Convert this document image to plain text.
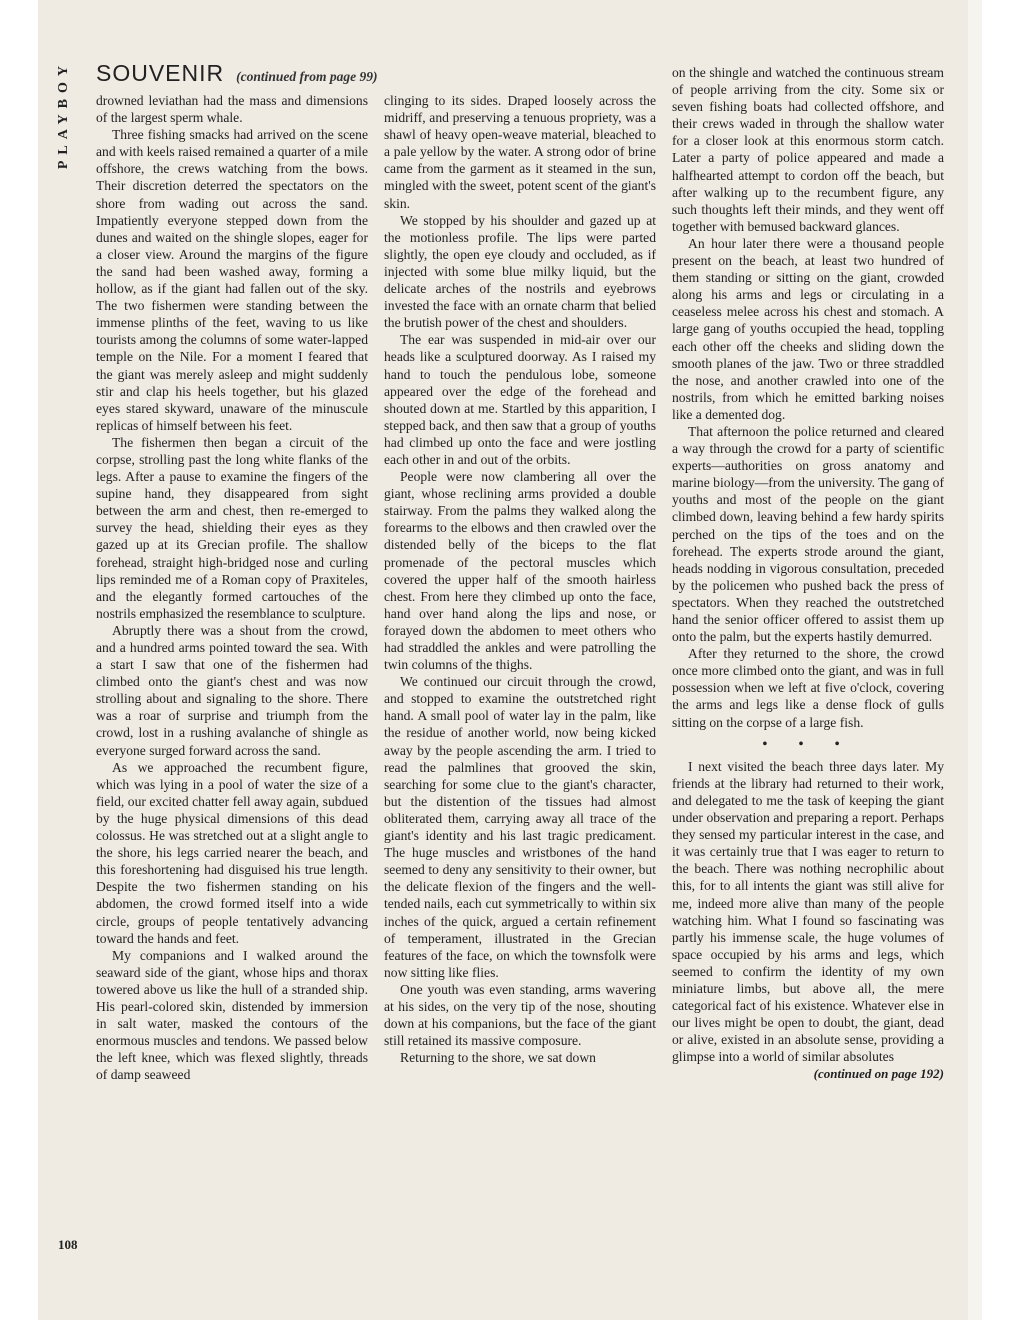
PLAYBOY SOUVENIR (continued from page 99)

drowned leviathan had the mass and dimensions of the largest sperm whale.

Three fishing smacks had arrived on the scene and with keels raised remained a quarter of a mile offshore, the crews watching from the bows. Their discretion deterred the spectators on the shore from wading out across the sand. Impatiently everyone stepped down from the dunes and waited on the shingle slopes, eager for a closer view. Around the margins of the figure the sand had been washed away, forming a hollow, as if the giant had fallen out of the sky. The two fishermen were standing between the immense plinths of the feet, waving to us like tourists among the columns of some water-lapped temple on the Nile. For a moment I feared that the giant was merely asleep and might suddenly stir and clap his heels together, but his glazed eyes stared skyward, unaware of the minuscule replicas of himself between his feet.

The fishermen then began a circuit of the corpse, strolling past the long white flanks of the legs. After a pause to examine the fingers of the supine hand, they disappeared from sight between the arm and chest, then re-emerged to survey the head, shielding their eyes as they gazed up at its Grecian profile. The shallow forehead, straight high-bridged nose and curling lips reminded me of a Roman copy of Praxiteles, and the elegantly formed cartouches of the nostrils emphasized the resemblance to sculpture.

Abruptly there was a shout from the crowd, and a hundred arms pointed toward the sea. With a start I saw that one of the fishermen had climbed onto the giant's chest and was now strolling about and signaling to the shore. There was a roar of surprise and triumph from the crowd, lost in a rushing avalanche of shingle as everyone surged forward across the sand.

As we approached the recumbent figure, which was lying in a pool of water the size of a field, our excited chatter fell away again, subdued by the huge physical dimensions of this dead colossus. He was stretched out at a slight angle to the shore, his legs carried nearer the beach, and this foreshortening had disguised his true length. Despite the two fishermen standing on his abdomen, the crowd formed itself into a wide circle, groups of people tentatively advancing toward the hands and feet.

My companions and I walked around the seaward side of the giant, whose hips and thorax towered above us like the hull of a stranded ship. His pearl-colored skin, distended by immersion in salt water, masked the contours of the enormous muscles and tendons. We passed below the left knee, which was flexed slightly, threads of damp seaweed

clinging to its sides. Draped loosely across the midriff, and preserving a tenuous propriety, was a shawl of heavy open-weave material, bleached to a pale yellow by the water. A strong odor of brine came from the garment as it steamed in the sun, mingled with the sweet, potent scent of the giant's skin.

We stopped by his shoulder and gazed up at the motionless profile. The lips were parted slightly, the open eye cloudy and occluded, as if injected with some blue milky liquid, but the delicate arches of the nostrils and eyebrows invested the face with an ornate charm that belied the brutish power of the chest and shoulders.

The ear was suspended in mid-air over our heads like a sculptured doorway. As I raised my hand to touch the pendulous lobe, someone appeared over the edge of the forehead and shouted down at me. Startled by this apparition, I stepped back, and then saw that a group of youths had climbed up onto the face and were jostling each other in and out of the orbits.

People were now clambering all over the giant, whose reclining arms provided a double stairway. From the palms they walked along the forearms to the elbows and then crawled over the distended belly of the biceps to the flat promenade of the pectoral muscles which covered the upper half of the smooth hairless chest. From here they climbed up onto the face, hand over hand along the lips and nose, or forayed down the abdomen to meet others who had straddled the ankles and were patrolling the twin columns of the thighs.

We continued our circuit through the crowd, and stopped to examine the outstretched right hand. A small pool of water lay in the palm, like the residue of another world, now being kicked away by the people ascending the arm. I tried to read the palmlines that grooved the skin, searching for some clue to the giant's character, but the distention of the tissues had almost obliterated them, carrying away all trace of the giant's identity and his last tragic predicament. The huge muscles and wristbones of the hand seemed to deny any sensitivity to their owner, but the delicate flexion of the fingers and the well-tended nails, each cut symmetrically to within six inches of the quick, argued a certain refinement of temperament, illustrated in the Grecian features of the face, on which the townsfolk were now sitting like flies.

One youth was even standing, arms wavering at his sides, on the very tip of the nose, shouting down at his companions, but the face of the giant still retained its massive composure.

Returning to the shore, we sat down

on the shingle and watched the continuous stream of people arriving from the city. Some six or seven fishing boats had collected offshore, and their crews waded in through the shallow water for a closer look at this enormous storm catch. Later a party of police appeared and made a halfhearted attempt to cordon off the beach, but after walking up to the recumbent figure, any such thoughts left their minds, and they went off together with bemused backward glances.

An hour later there were a thousand people present on the beach, at least two hundred of them standing or sitting on the giant, crowded along his arms and legs or circulating in a ceaseless melee across his chest and stomach. A large gang of youths occupied the head, toppling each other off the cheeks and sliding down the smooth planes of the jaw. Two or three straddled the nose, and another crawled into one of the nostrils, from which he emitted barking noises like a demented dog.

That afternoon the police returned and cleared a way through the crowd for a party of scientific experts—authorities on gross anatomy and marine biology—from the university. The gang of youths and most of the people on the giant climbed down, leaving behind a few hardy spirits perched on the tips of the toes and on the forehead. The experts strode around the giant, heads nodding in vigorous consultation, preceded by the policemen who pushed back the press of spectators. When they reached the outstretched hand the senior officer offered to assist them up onto the palm, but the experts hastily demurred.

After they returned to the shore, the crowd once more climbed onto the giant, and was in full possession when we left at five o'clock, covering the arms and legs like a dense flock of gulls sitting on the corpse of a large fish.

• • •

I next visited the beach three days later. My friends at the library had returned to their work, and delegated to me the task of keeping the giant under observation and preparing a report. Perhaps they sensed my particular interest in the case, and it was certainly true that I was eager to return to the beach. There was nothing necrophilic about this, for to all intents the giant was still alive for me, indeed more alive than many of the people watching him. What I found so fascinating was partly his immense scale, the huge volumes of space occupied by his arms and legs, which seemed to confirm the identity of my own miniature limbs, but above all, the mere categorical fact of his existence. Whatever else in our lives might be open to doubt, the giant, dead or alive, existed in an absolute sense, providing a glimpse into a world of similar absolutes

(continued on page 192)

108
